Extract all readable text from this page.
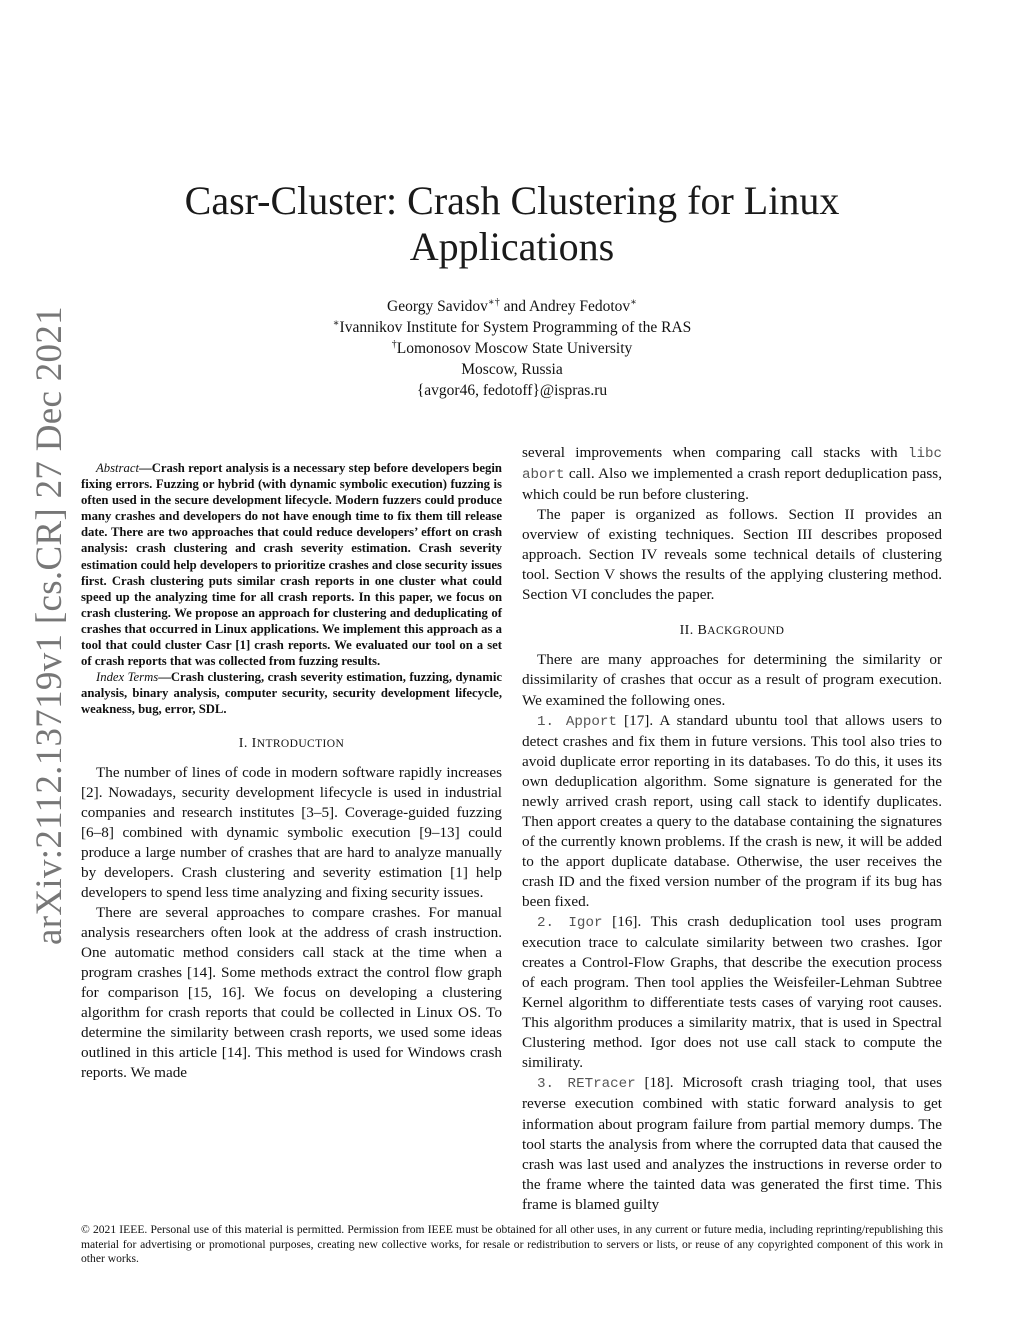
arXiv:2112.13719v1 [cs.CR] 27 Dec 2021
Casr-Cluster: Crash Clustering for Linux Applications
Georgy Savidov∗† and Andrey Fedotov∗
∗Ivannikov Institute for System Programming of the RAS
†Lomonosov Moscow State University
Moscow, Russia
{avgor46, fedotoff}@ispras.ru

Abstract—Crash report analysis is a necessary step before developers begin fixing errors. Fuzzing or hybrid (with dynamic symbolic execution) fuzzing is often used in the secure development lifecycle. Modern fuzzers could produce many crashes and developers do not have enough time to fix them till release date. There are two approaches that could reduce developers’ effort on crash analysis: crash clustering and crash severity estimation. Crash severity estimation could help developers to prioritize crashes and close security issues first. Crash clustering puts similar crash reports in one cluster what could speed up the analyzing time for all crash reports. In this paper, we focus on crash clustering. We propose an approach for clustering and deduplicating of crashes that occurred in Linux applications. We implement this approach as a tool that could cluster Casr [1] crash reports. We evaluated our tool on a set of crash reports that was collected from fuzzing results.

Index Terms—Crash clustering, crash severity estimation, fuzzing, dynamic analysis, binary analysis, computer security, security development lifecycle, weakness, bug, error, SDL.

I. INTRODUCTION

The number of lines of code in modern software rapidly increases [2]. Nowadays, security development lifecycle is used in industrial companies and research institutes [3–5]. Coverage-guided fuzzing [6–8] combined with dynamic symbolic execution [9–13] could produce a large number of crashes that are hard to analyze manually by developers. Crash clustering and severity estimation [1] help developers to spend less time analyzing and fixing security issues.

There are several approaches to compare crashes. For manual analysis researchers often look at the address of crash instruction. One automatic method considers call stack at the time when a program crashes [14]. Some methods extract the control flow graph for comparison [15, 16]. We focus on developing a clustering algorithm for crash reports that could be collected in Linux OS. To determine the similarity between crash reports, we used some ideas outlined in this article [14]. This method is used for Windows crash reports. We made

several improvements when comparing call stacks with libc abort call. Also we implemented a crash report deduplication pass, which could be run before clustering.

The paper is organized as follows. Section II provides an overview of existing techniques. Section III describes proposed approach. Section IV reveals some technical details of clustering tool. Section V shows the results of the applying clustering method. Section VI concludes the paper.

II. BACKGROUND

There are many approaches for determining the similarity or dissimilarity of crashes that occur as a result of program execution. We examined the following ones.

1. Apport [17]. A standard ubuntu tool that allows users to detect crashes and fix them in future versions. This tool also tries to avoid duplicate error reporting in its databases. To do this, it uses its own deduplication algorithm. Some signature is generated for the newly arrived crash report, using call stack to identify duplicates. Then apport creates a query to the database containing the signatures of the currently known problems. If the crash is new, it will be added to the apport duplicate database. Otherwise, the user receives the crash ID and the fixed version number of the program if its bug has been fixed.

2. Igor [16]. This crash deduplication tool uses program execution trace to calculate similarity between two crashes. Igor creates a Control-Flow Graphs, that describe the execution process of each program. Then tool applies the Weisfeiler-Lehman Subtree Kernel algorithm to differentiate tests cases of varying root causes. This algorithm produces a similarity matrix, that is used in Spectral Clustering method. Igor does not use call stack to compute the similiraty.

3. RETracer [18]. Microsoft crash triaging tool, that uses reverse execution combined with static forward analysis to get information about program failure from partial memory dumps. The tool starts the analysis from where the corrupted data that caused the crash was last used and analyzes the instructions in reverse order to the frame where the tainted data was generated the first time. This frame is blamed guilty

© 2021 IEEE. Personal use of this material is permitted. Permission from IEEE must be obtained for all other uses, in any current or future media, including reprinting/republishing this material for advertising or promotional purposes, creating new collective works, for resale or redistribution to servers or lists, or reuse of any copyrighted component of this work in other works.
